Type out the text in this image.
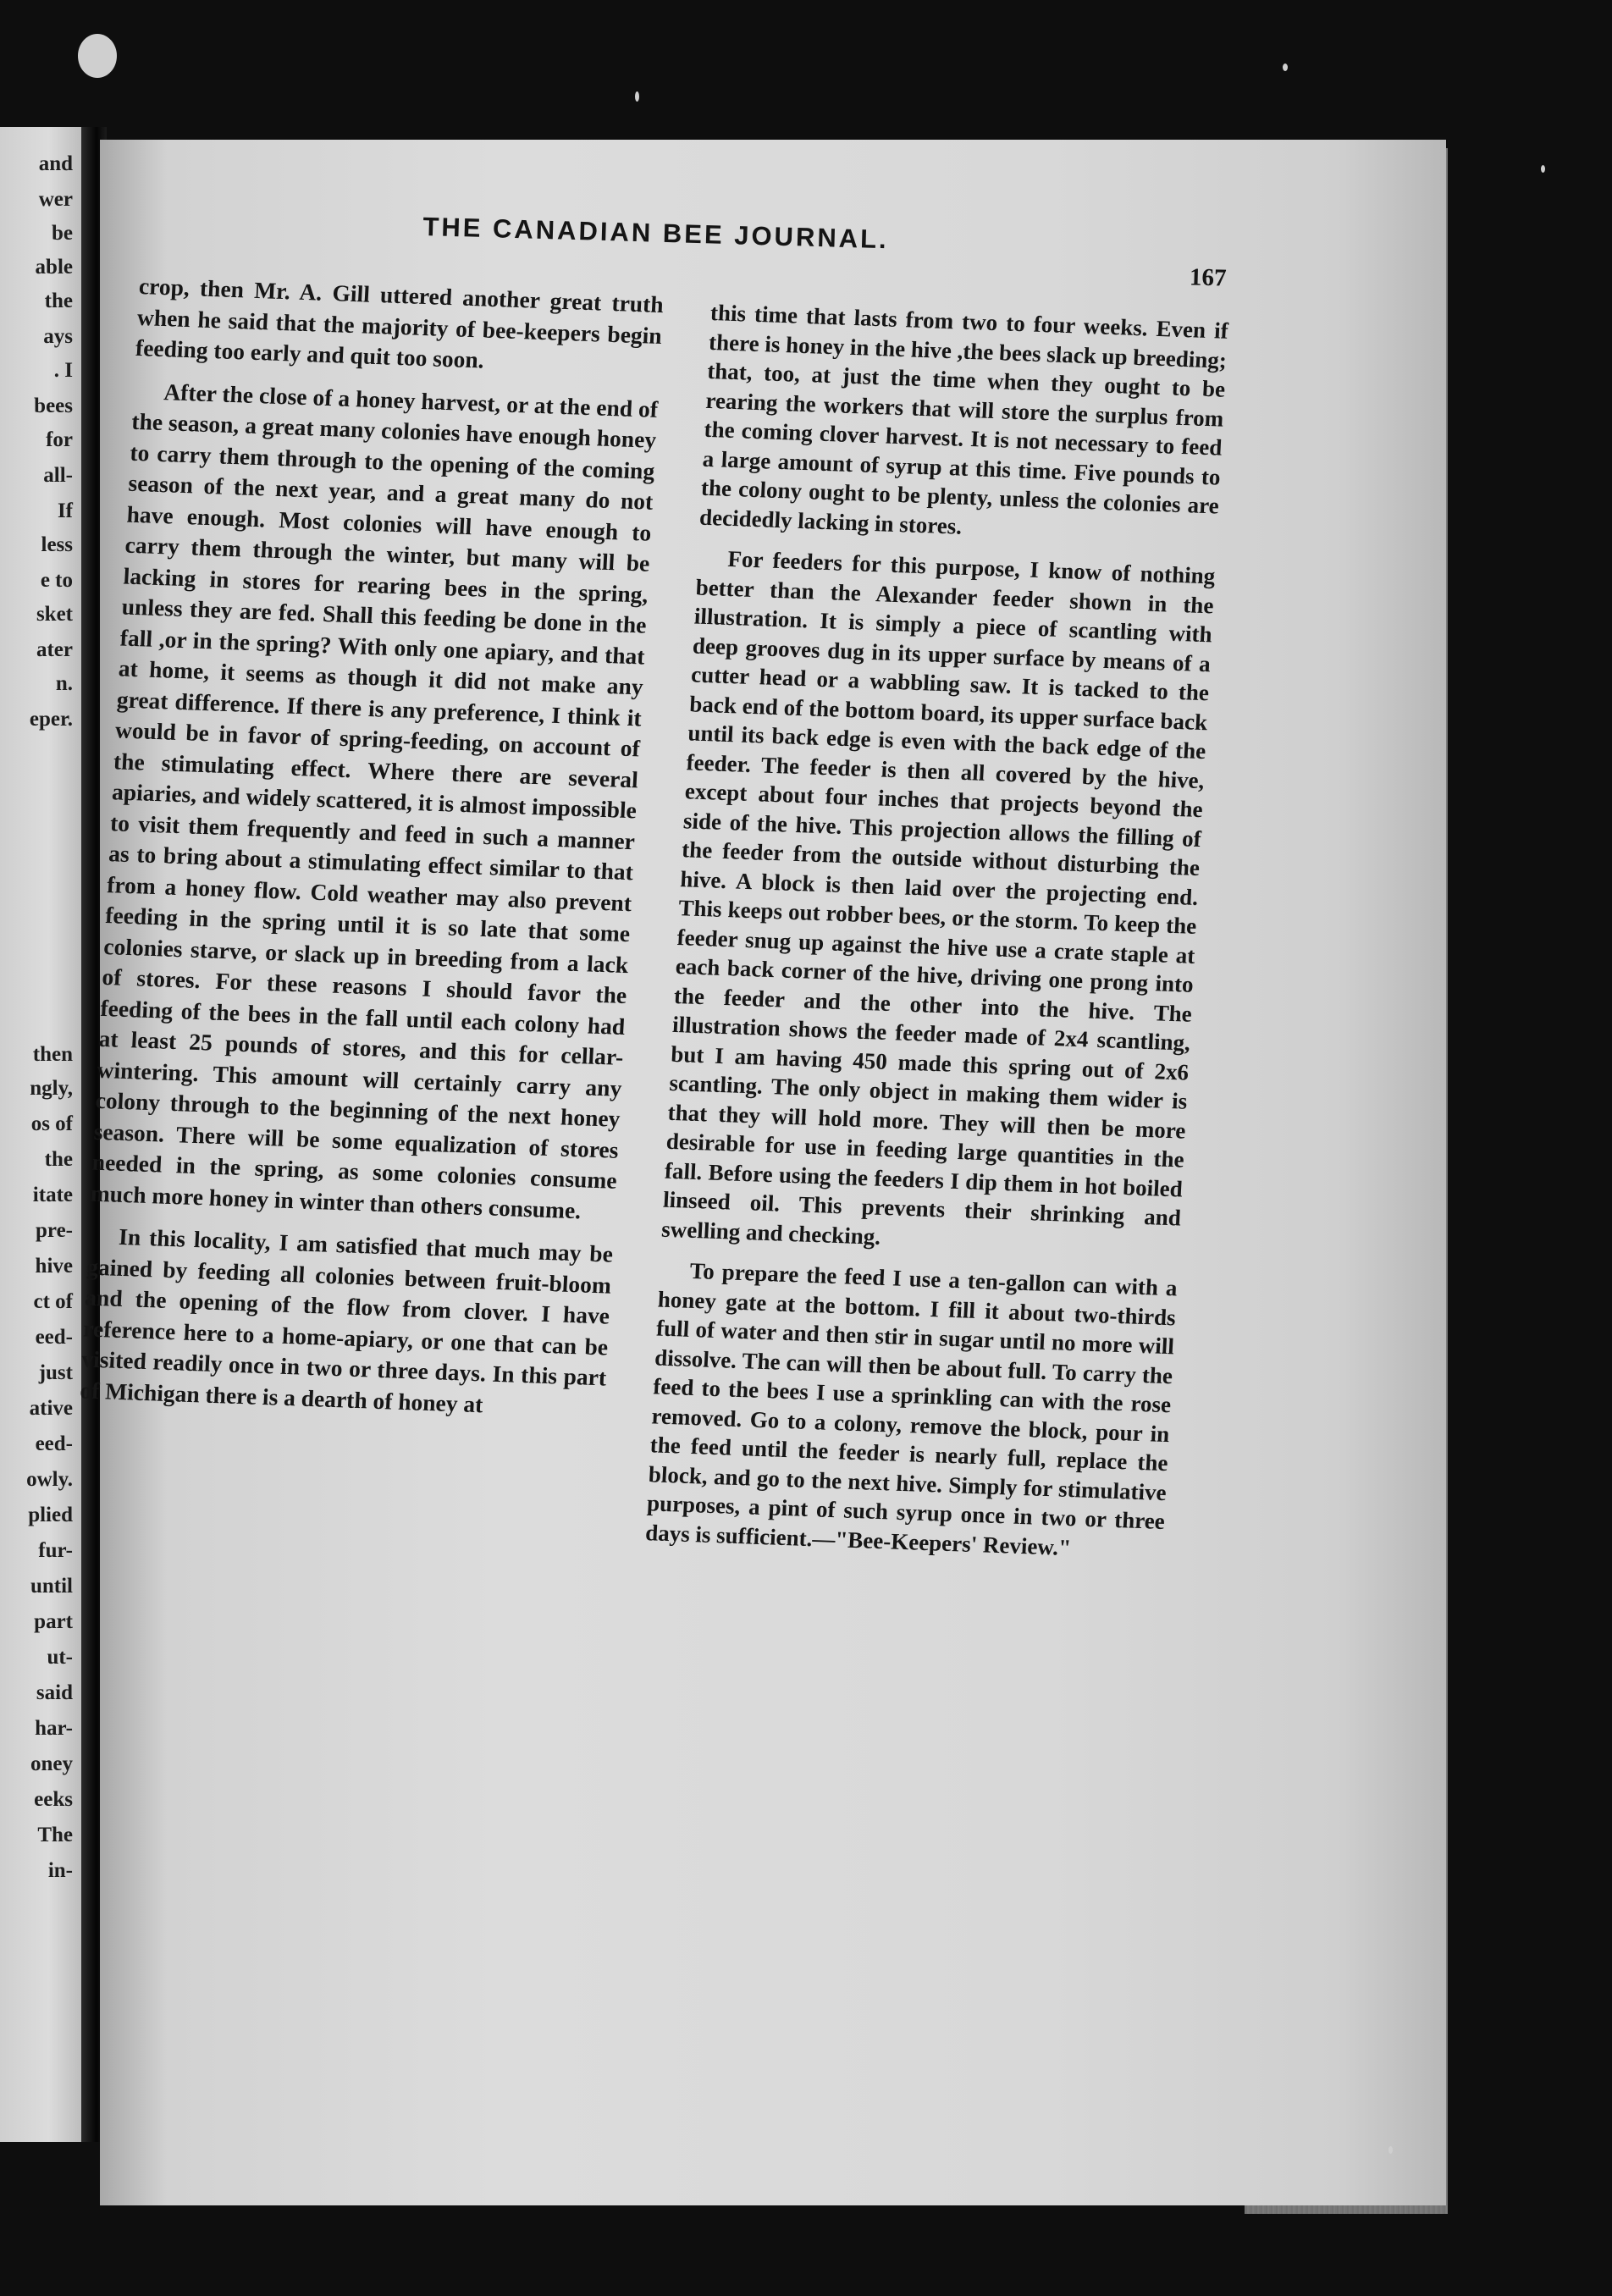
and
wer
be
able
the
ays
. I
bees
for
all-
If
less
e to
sket
ater
n.
eper.
then
ngly,
os of
the
itate
pre-
hive
ct of
eed-
just
ative
eed-
owly.
plied
fur-
until
part
ut-
said
har-
oney
eeks
The
in-
THE CANADIAN BEE JOURNAL.
167

crop, then Mr. A. Gill uttered another great truth when he said that the majority of bee-keepers begin feeding too early and quit too soon.

After the close of a honey harvest, or at the end of the season, a great many colonies have enough honey to carry them through to the opening of the coming season of the next year, and a great many do not have enough. Most colonies will have enough to carry them through the winter, but many will be lacking in stores for rearing bees in the spring, unless they are fed. Shall this feeding be done in the fall ,or in the spring? With only one apiary, and that at home, it seems as though it did not make any great difference. If there is any preference, I think it would be in favor of spring-feeding, on account of the stimulating effect. Where there are several apiaries, and widely scattered, it is almost impossible to visit them frequently and feed in such a manner as to bring about a stimulating effect similar to that from a honey flow. Cold weather may also prevent feeding in the spring until it is so late that some colonies starve, or slack up in breeding from a lack of stores. For these reasons I should favor the feeding of the bees in the fall until each colony had at least 25 pounds of stores, and this for cellar-wintering. This amount will certainly carry any colony through to the beginning of the next honey season. There will be some equalization of stores needed in the spring, as some colonies consume much more honey in winter than others consume.

In this locality, I am satisfied that much may be gained by feeding all colonies between fruit-bloom and the opening of the flow from clover. I have reference here to a home-apiary, or one that can be visited readily once in two or three days. In this part of Michigan there is a dearth of honey at

this time that lasts from two to four weeks. Even if there is honey in the hive ,the bees slack up breeding; that, too, at just the time when they ought to be rearing the workers that will store the surplus from the coming clover harvest. It is not necessary to feed a large amount of syrup at this time. Five pounds to the colony ought to be plenty, unless the colonies are decidedly lacking in stores.

For feeders for this purpose, I know of nothing better than the Alexander feeder shown in the illustration. It is simply a piece of scantling with deep grooves dug in its upper surface by means of a cutter head or a wabbling saw. It is tacked to the back end of the bottom board, its upper surface back until its back edge is even with the back edge of the feeder. The feeder is then all covered by the hive, except about four inches that projects beyond the side of the hive. This projection allows the filling of the feeder from the outside without disturbing the hive. A block is then laid over the projecting end. This keeps out robber bees, or the storm. To keep the feeder snug up against the hive use a crate staple at each back corner of the hive, driving one prong into the feeder and the other into the hive. The illustration shows the feeder made of 2x4 scantling, but I am having 450 made this spring out of 2x6 scantling. The only object in making them wider is that they will hold more. They will then be more desirable for use in feeding large quantities in the fall. Before using the feeders I dip them in hot boiled linseed oil. This prevents their shrinking and swelling and checking.

To prepare the feed I use a ten-gallon can with a honey gate at the bottom. I fill it about two-thirds full of water and then stir in sugar until no more will dissolve. The can will then be about full. To carry the feed to the bees I use a sprinkling can with the rose removed. Go to a colony, remove the block, pour in the feed until the feeder is nearly full, replace the block, and go to the next hive. Simply for stimulative purposes, a pint of such syrup once in two or three days is sufficient.—"Bee-Keepers' Review."
